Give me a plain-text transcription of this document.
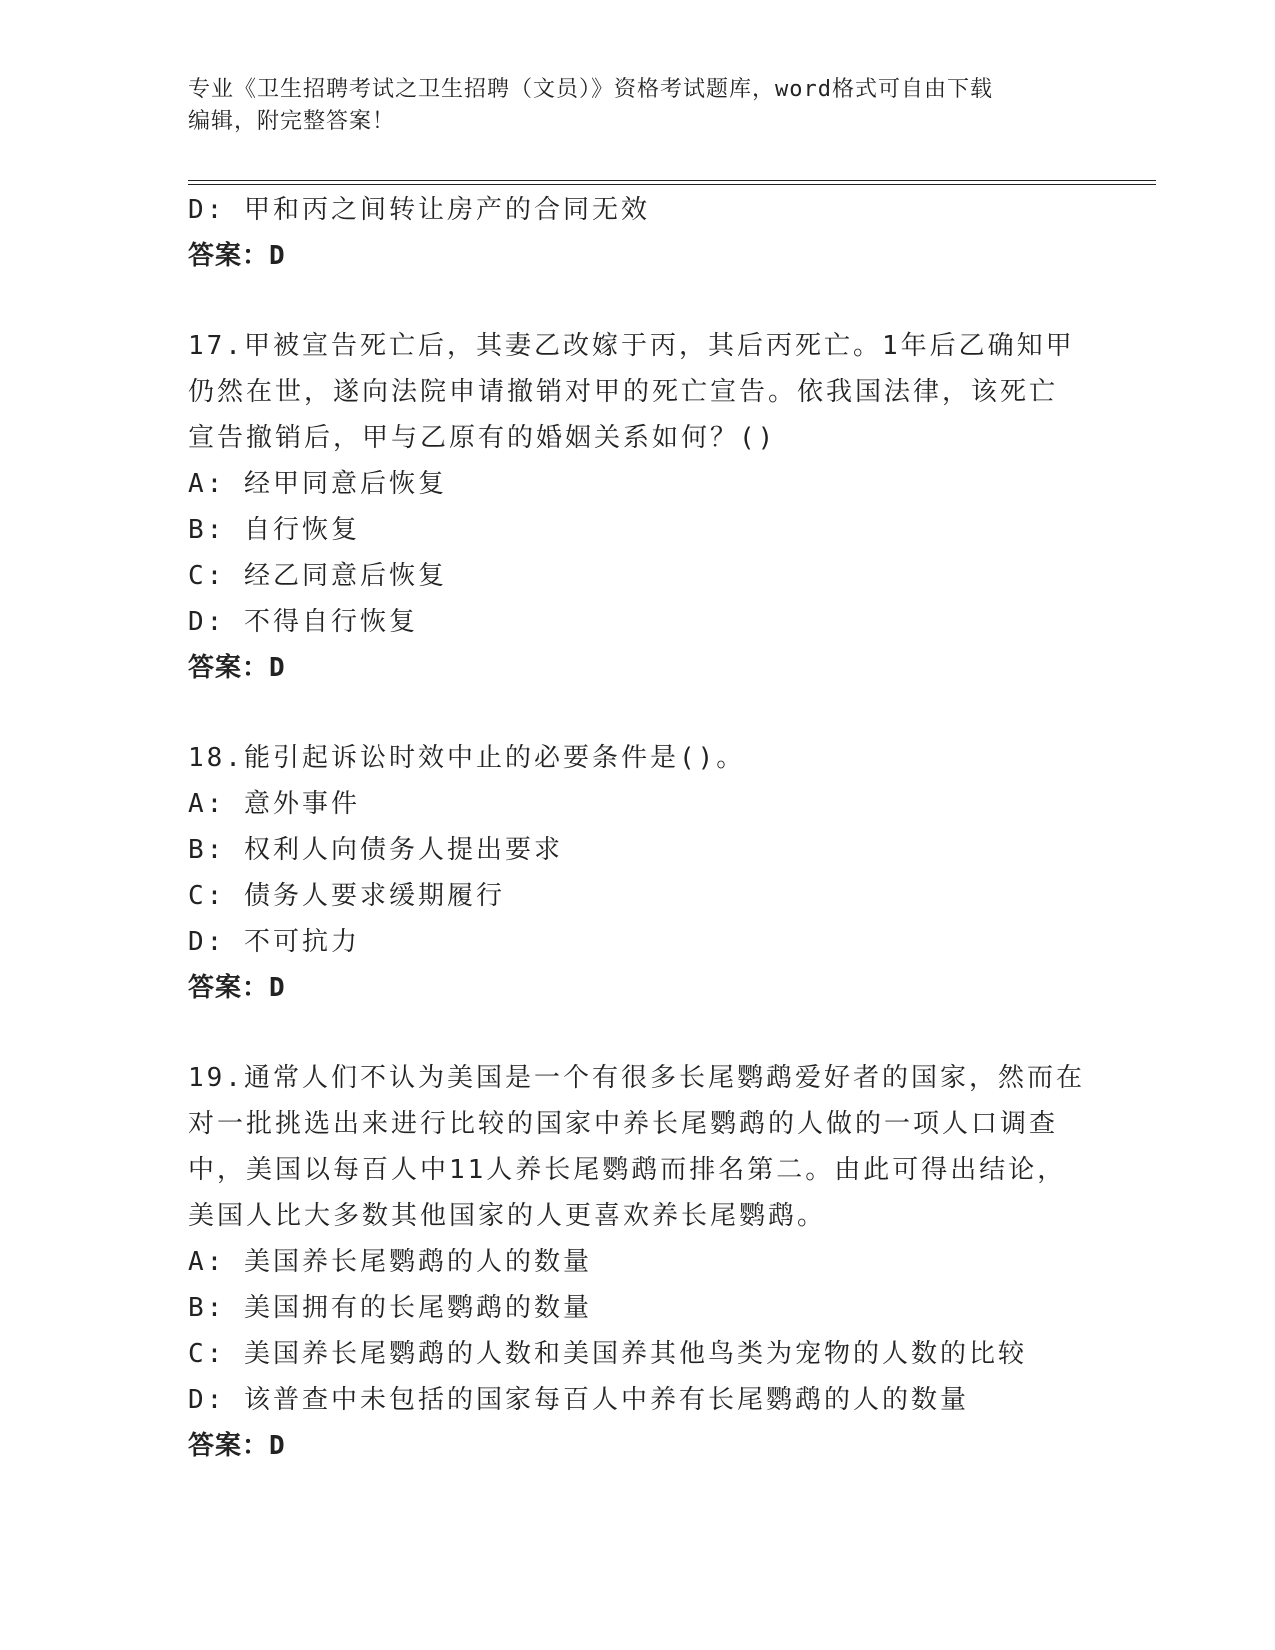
专业《卫生招聘考试之卫生招聘（文员）》资格考试题库，word格式可自由下载
编辑，附完整答案！
D: 甲和丙之间转让房产的合同无效
答案：D
17.甲被宣告死亡后，其妻乙改嫁于丙，其后丙死亡。1年后乙确知甲
仍然在世，遂向法院申请撤销对甲的死亡宣告。依我国法律，该死亡
宣告撤销后，甲与乙原有的婚姻关系如何？()
A: 经甲同意后恢复
B: 自行恢复
C: 经乙同意后恢复
D: 不得自行恢复
答案：D
18.能引起诉讼时效中止的必要条件是()。
A: 意外事件
B: 权利人向债务人提出要求
C: 债务人要求缓期履行
D: 不可抗力
答案：D
19.通常人们不认为美国是一个有很多长尾鹦鹉爱好者的国家，然而在
对一批挑选出来进行比较的国家中养长尾鹦鹉的人做的一项人口调查
中，美国以每百人中11人养长尾鹦鹉而排名第二。由此可得出结论，
美国人比大多数其他国家的人更喜欢养长尾鹦鹉。
A: 美国养长尾鹦鹉的人的数量
B: 美国拥有的长尾鹦鹉的数量
C: 美国养长尾鹦鹉的人数和美国养其他鸟类为宠物的人数的比较
D: 该普查中未包括的国家每百人中养有长尾鹦鹉的人的数量
答案：D
